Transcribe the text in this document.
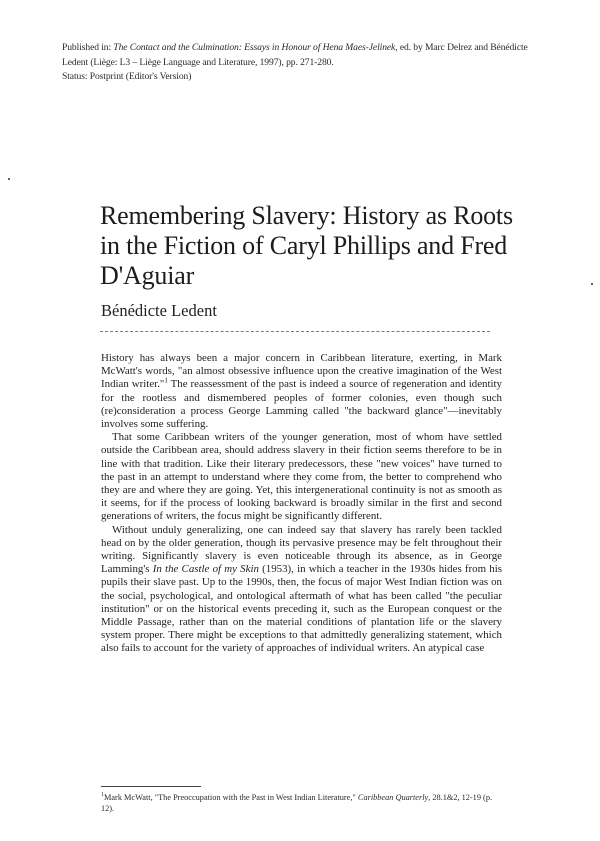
Published in: The Contact and the Culmination: Essays in Honour of Hena Maes-Jelinek, ed. by Marc Delrez and Bénédicte Ledent (Liège: L3 – Liège Language and Literature, 1997), pp. 271-280.
Status: Postprint (Editor's Version)
Remembering Slavery: History as Roots in the Fiction of Caryl Phillips and Fred D'Aguiar
Bénédicte Ledent

History has always been a major concern in Caribbean literature, exerting, in Mark McWatt's words, "an almost obsessive influence upon the creative imagination of the West Indian writer."$^1$ The reassessment of the past is indeed a source of regeneration and identity for the rootless and dismembered peoples of former colonies, even though such (re)consideration a process George Lamming called "the backward glance"—inevitably involves some suffering.

That some Caribbean writers of the younger generation, most of whom have settled outside the Caribbean area, should address slavery in their fiction seems therefore to be in line with that tradition. Like their literary predecessors, these "new voices" have turned to the past in an attempt to understand where they come from, the better to comprehend who they are and where they are going. Yet, this intergenerational continuity is not as smooth as it seems, for if the process of looking backward is broadly similar in the first and second generations of writers, the focus might be significantly different.

Without unduly generalizing, one can indeed say that slavery has rarely been tackled head on by the older generation, though its pervasive presence may be felt throughout their writing. Significantly slavery is even noticeable through its absence, as in George Lamming's In the Castle of my Skin (1953), in which a teacher in the 1930s hides from his pupils their slave past. Up to the 1990s, then, the focus of major West Indian fiction was on the social, psychological, and ontological aftermath of what has been called "the peculiar institution" or on the historical events preceding it, such as the European conquest or the Middle Passage, rather than on the material conditions of plantation life or the slavery system proper. There might be exceptions to that admittedly generalizing statement, which also fails to account for the variety of approaches of individual writers. An atypical case

$^1$Mark McWatt, "The Preoccupation with the Past in West Indian Literature," Caribbean Quarterly, 28.1&2, 12-19 (p. 12).
